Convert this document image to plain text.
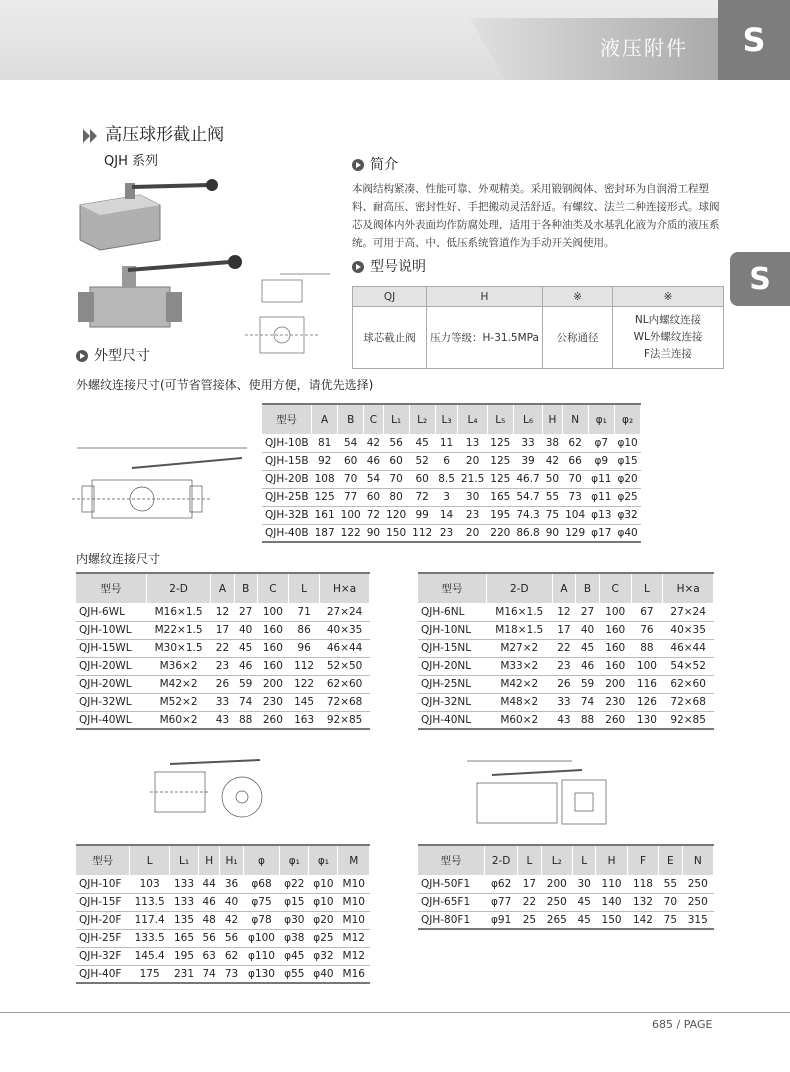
液压附件	S
S
高压球形截止阀
QJH 系列	简介
本阀结构紧凑、性能可靠、外观精美。采用锻钢阀体、密封环为自润滑工程塑料、耐高压、密封性好、手把搬动灵活舒适。有螺纹、法兰二种连接形式。球阀芯及阀体内外表面均作防腐处理，适用于各种油类及水基乳化液为介质的液压系统。可用于高、中、低压系统管道作为手动开关阀使用。
型号说明
QJ	H	※	※
球芯截止阀	压力等级：H-31.5MPa	公称通径	NL内螺纹连接
WL外螺纹连接
F法兰连接
外型尺寸
外螺纹连接尺寸(可节省管接体、使用方便，请优先选择)
型号	A	B	C	L₁	L₂	L₃	L₄	L₅	L₆	H	N	φ₁	φ₂
QJH-10B	81	54	42	56	45	11	13	125	33	38	62	φ7	φ10
QJH-15B	92	60	46	60	52	6	20	125	39	42	66	φ9	φ15
QJH-20B	108	70	54	70	60	8.5	21.5	125	46.7	50	70	φ11	φ20
QJH-25B	125	77	60	80	72	3	30	165	54.7	55	73	φ11	φ25
QJH-32B	161	100	72	120	99	14	23	195	74.3	75	104	φ13	φ32
QJH-40B	187	122	90	150	112	23	20	220	86.8	90	129	φ17	φ40
内螺纹连接尺寸
型号	2-D	A	B	C	L	H×a
QJH-6WL	M16×1.5	12	27	100	71	27×24
QJH-10WL	M22×1.5	17	40	160	86	40×35
QJH-15WL	M30×1.5	22	45	160	96	46×44
QJH-20WL	M36×2	23	46	160	112	52×50
QJH-20WL	M42×2	26	59	200	122	62×60
QJH-32WL	M52×2	33	74	230	145	72×68
QJH-40WL	M60×2	43	88	260	163	92×85
型号	2-D	A	B	C	L	H×a
QJH-6NL	M16×1.5	12	27	100	67	27×24
QJH-10NL	M18×1.5	17	40	160	76	40×35
QJH-15NL	M27×2	22	45	160	88	46×44
QJH-20NL	M33×2	23	46	160	100	54×52
QJH-25NL	M42×2	26	59	200	116	62×60
QJH-32NL	M48×2	33	74	230	126	72×68
QJH-40NL	M60×2	43	88	260	130	92×85
型号	L	L₁	H	H₁	φ	φ₁	φ₁	M
QJH-10F	103	133	44	36	φ68	φ22	φ10	M10
QJH-15F	113.5	133	46	40	φ75	φ15	φ10	M10
QJH-20F	117.4	135	48	42	φ78	φ30	φ20	M10
QJH-25F	133.5	165	56	56	φ100	φ38	φ25	M12
QJH-32F	145.4	195	63	62	φ110	φ45	φ32	M12
QJH-40F	175	231	74	73	φ130	φ55	φ40	M16
型号	2-D	L	L₂	L	H	F	E	N
QJH-50F1	φ62	17	200	30	110	118	55	250
QJH-65F1	φ77	22	250	45	140	132	70	250
QJH-80F1	φ91	25	265	45	150	142	75	315
685 / PAGE
